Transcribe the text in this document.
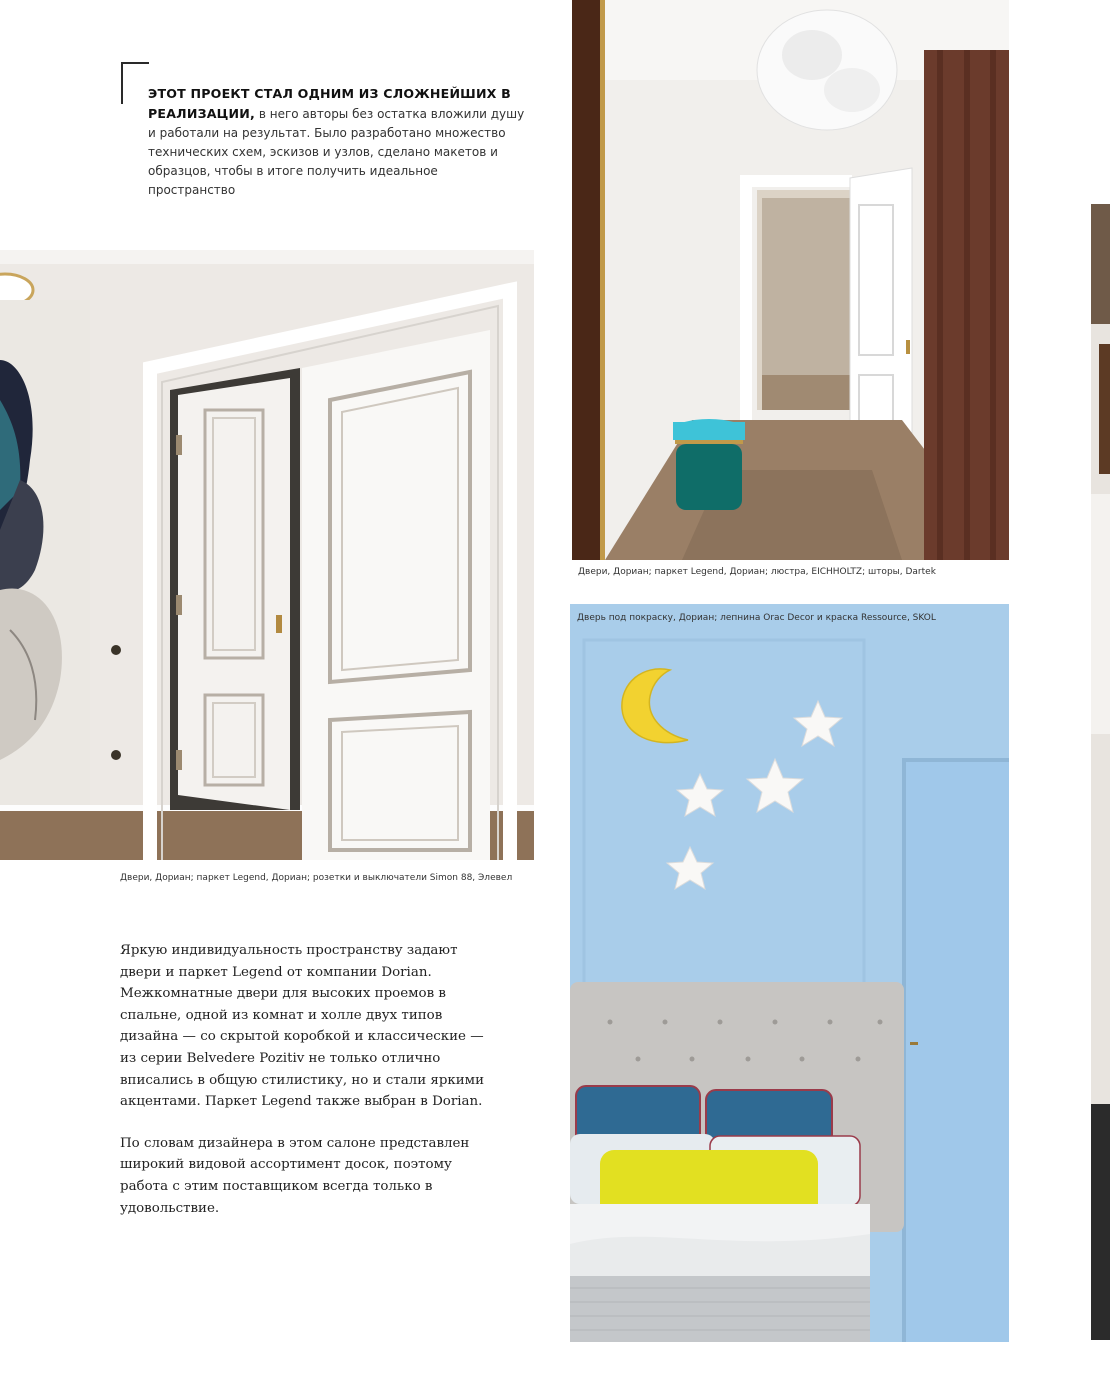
ЭТОТ ПРОЕКТ СТАЛ ОДНИМ ИЗ СЛОЖНЕЙШИХ В РЕАЛИЗАЦИИ, в него авторы без остатка вложили душу и работали на результат. Было разработано множество технических схем, эскизов и узлов, сделано макетов и образцов, чтобы в итоге получить идеальное пространство
Двери, Дориан; паркет Legend, Дориан; люстра, EICHHOLTZ; шторы, Dartek
Двери, Дориан; паркет Legend, Дориан; розетки и выключатели Simon 88, Элевел
Дверь под покраску, Дориан; лепнина Orac Decor и краска Ressource, SKOL

Яркую индивидуальность пространству задают двери и паркет Legend от компании Dorian. Межкомнатные двери для высоких проемов в спальне, одной из комнат и холле двух типов дизайна — со скрытой коробкой и классические — из серии Belvedere Pozitiv не только отлично вписались в общую стилистику, но и стали яркими акцентами. Паркет Legend также выбран в Dorian.

По словам дизайнера в этом салоне представлен широкий видовой ассортимент досок, поэтому работа с этим поставщиком всегда только в удовольствие.
